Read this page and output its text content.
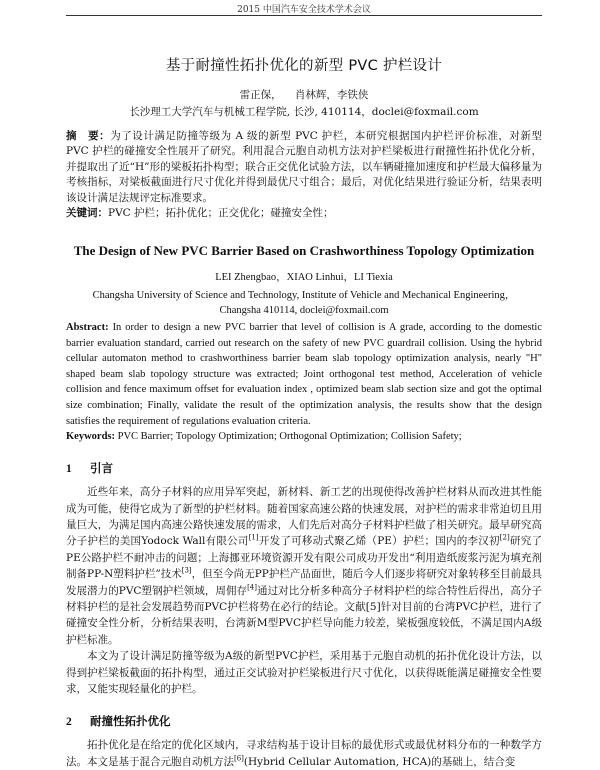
2015 中国汽车安全技术学术会议
基于耐撞性拓扑优化的新型 PVC 护栏设计
雷正保， 肖林辉，李铁侠
长沙理工大学汽车与机械工程学院, 长沙, 410114，doclei@foxmail.com
摘　要：为了设计满足防撞等级为 A 级的新型 PVC 护栏，本研究根据国内护栏评价标准，对新型 PVC 护栏的碰撞安全性展开了研究。利用混合元胞自动机方法对护栏梁板进行耐撞性拓扑优化分析，并提取出了近“H”形的梁板拓扑构型；联合正交优化试验方法，以车辆碰撞加速度和护栏最大偏移量为考核指标，对梁板截面进行尺寸优化并得到最优尺寸组合；最后，对优化结果进行验证分析，结果表明该设计满足法规评定标准要求。
关键词：PVC 护栏；拓扑优化；正交优化；碰撞安全性；
The Design of New PVC Barrier Based on Crashworthiness Topology Optimization
LEI Zhengbao，XIAO Linhui，LI Tiexia
Changsha University of Science and Technology, Institute of Vehicle and Mechanical Engineering，
Changsha 410114, doclei@foxmail.com
Abstract: In order to design a new PVC barrier that level of collision is A grade, according to the domestic barrier evaluation standard, carried out research on the safety of new PVC guardrail collision. Using the hybrid cellular automaton method to crashworthiness barrier beam slab topology optimization analysis, nearly "H" shaped beam slab topology structure was extracted; Joint orthogonal test method, Acceleration of vehicle collision and fence maximum offset for evaluation index , optimized beam slab section size and got the optimal size combination; Finally, validate the result of the optimization analysis, the results show that the design satisfies the requirement of regulations evaluation criteria.
Keywords: PVC Barrier; Topology Optimization; Orthogonal Optimization; Collision Safety;
1 引言

近些年来，高分子材料的应用异军突起，新材料、新工艺的出现使得改善护栏材料从而改进其性能成为可能，使得它成为了新型的护栏材料。随着国家高速公路的快速发展，对护栏的需求非常迫切且用量巨大，为满足国内高速公路快速发展的需求，人们先后对高分子材料护栏做了相关研究。最早研究高分子护栏的美国Yodock Wall有限公司[1]开发了可移动式聚乙烯（PE）护栏；国内的李汉初[2]研究了PE公路护栏不耐冲击的问题；上海挪亚环境资源开发有限公司成功开发出“利用造纸废浆污泥为填充剂制备PP-N塑料护栏”技术[3]，但至今尚无PP护栏产品面世，随后今人们逐步将研究对象转移至目前最具发展潜力的PVC塑钢护栏领域，周佣存[4]通过对比分析多种高分子材料护栏的综合特性后得出，高分子材料护栏的是社会发展趋势而PVC护栏将势在必行的结论。文献[5]针对目前的台湾PVC护栏，进行了碰撞安全性分析，分析结果表明，台湾新M型PVC护栏导向能力较差，梁板强度较低，不满足国内A级护栏标准。

本文为了设计满足防撞等级为A级的新型PVC护栏，采用基于元胞自动机的拓扑优化设计方法，以得到护栏梁板截面的拓扑构型，通过正交试验对护栏梁板进行尺寸优化，以获得既能满足碰撞安全性要求，又能实现轻量化的护栏。

2 耐撞性拓扑优化

拓扑优化是在给定的优化区域内，寻求结构基于设计目标的最优形式或最优材料分布的一种数学方法。本文是基于混合元胞自动机方法[6](Hybrid Cellular Automation, HCA)的基础上，结合变
